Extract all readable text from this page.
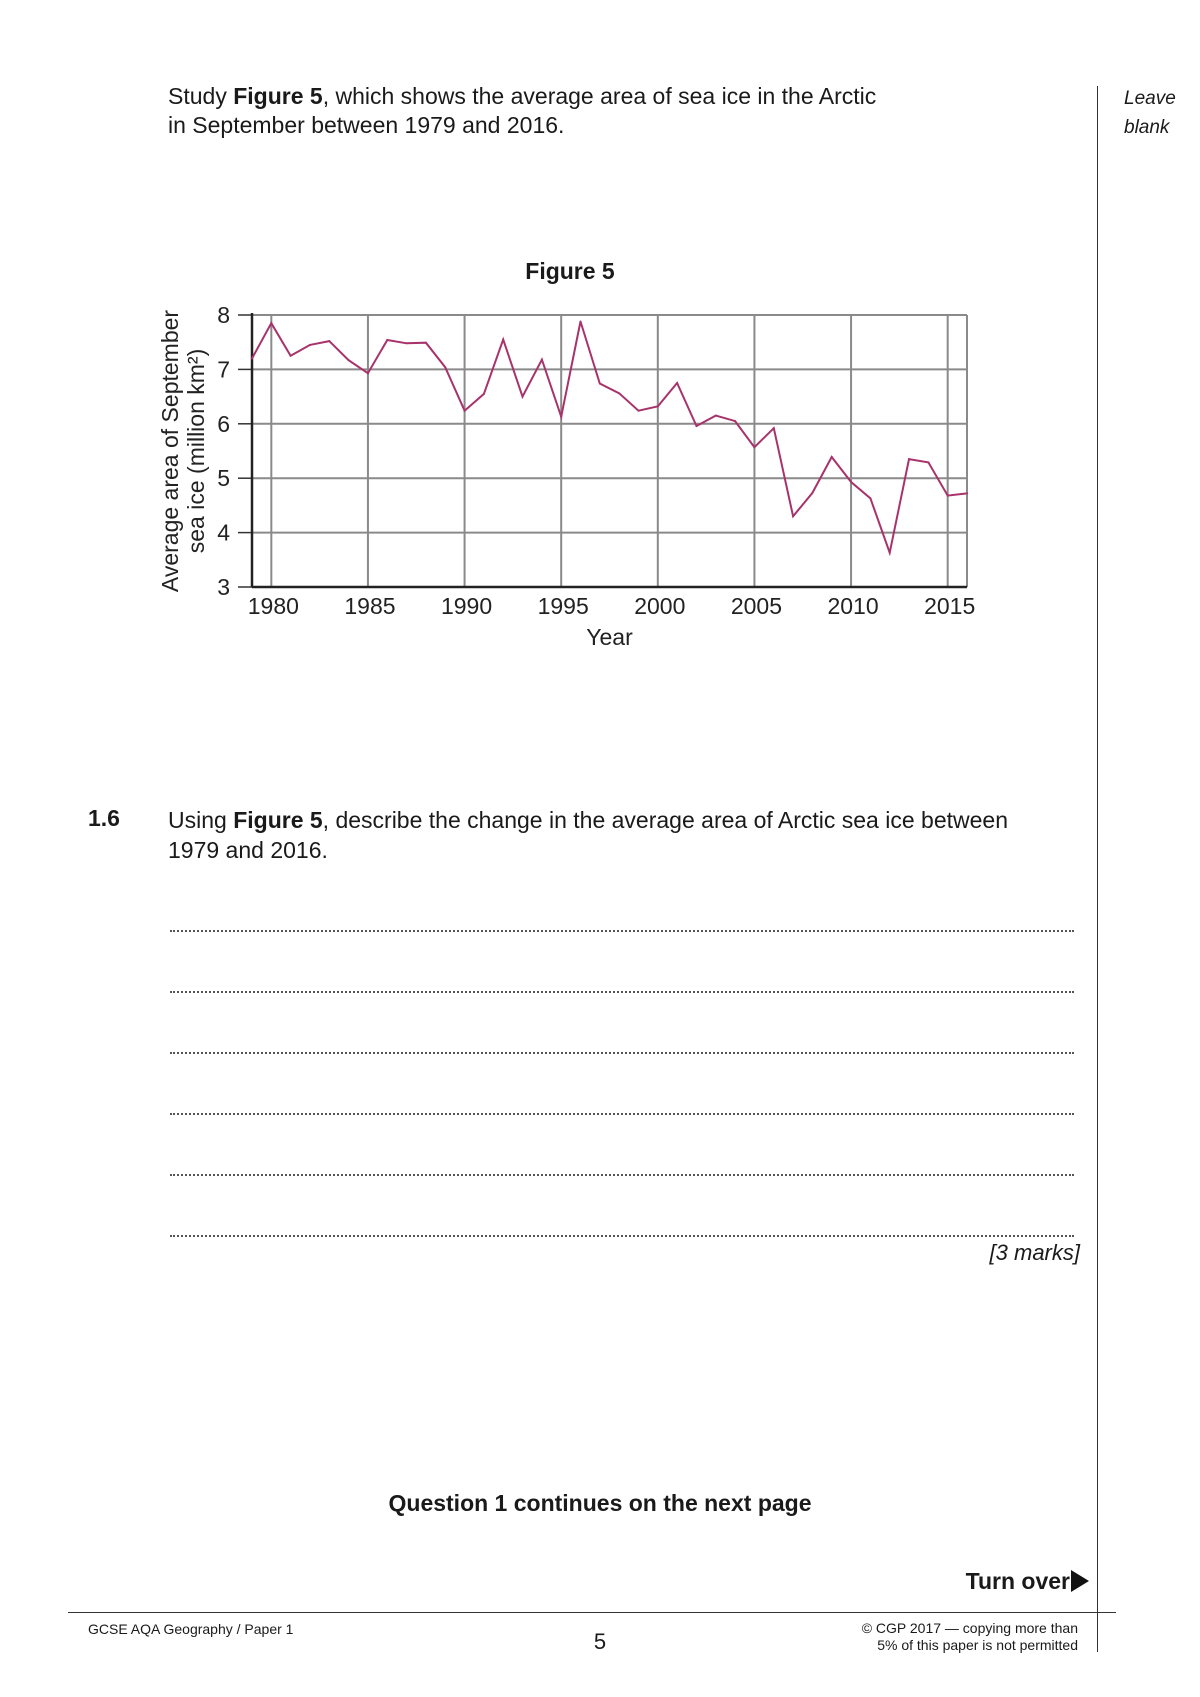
Study Figure 5, which shows the average area of sea ice in the Arctic
in September between 1979 and 2016.
Leave
blank
Figure 5
3
4
5
6
7
8
1980 1985 1990 1995 2000 2005 2010 2015
Year
Average area of September sea ice (million km²)
1.6 Using Figure 5, describe the change in the average area of Arctic sea ice between
1979 and 2016.
[3 marks]
Question 1 continues on the next page
Turn over
GCSE AQA Geography / Paper 1	5
© CGP 2017 — copying more than
5% of this paper is not permitted
